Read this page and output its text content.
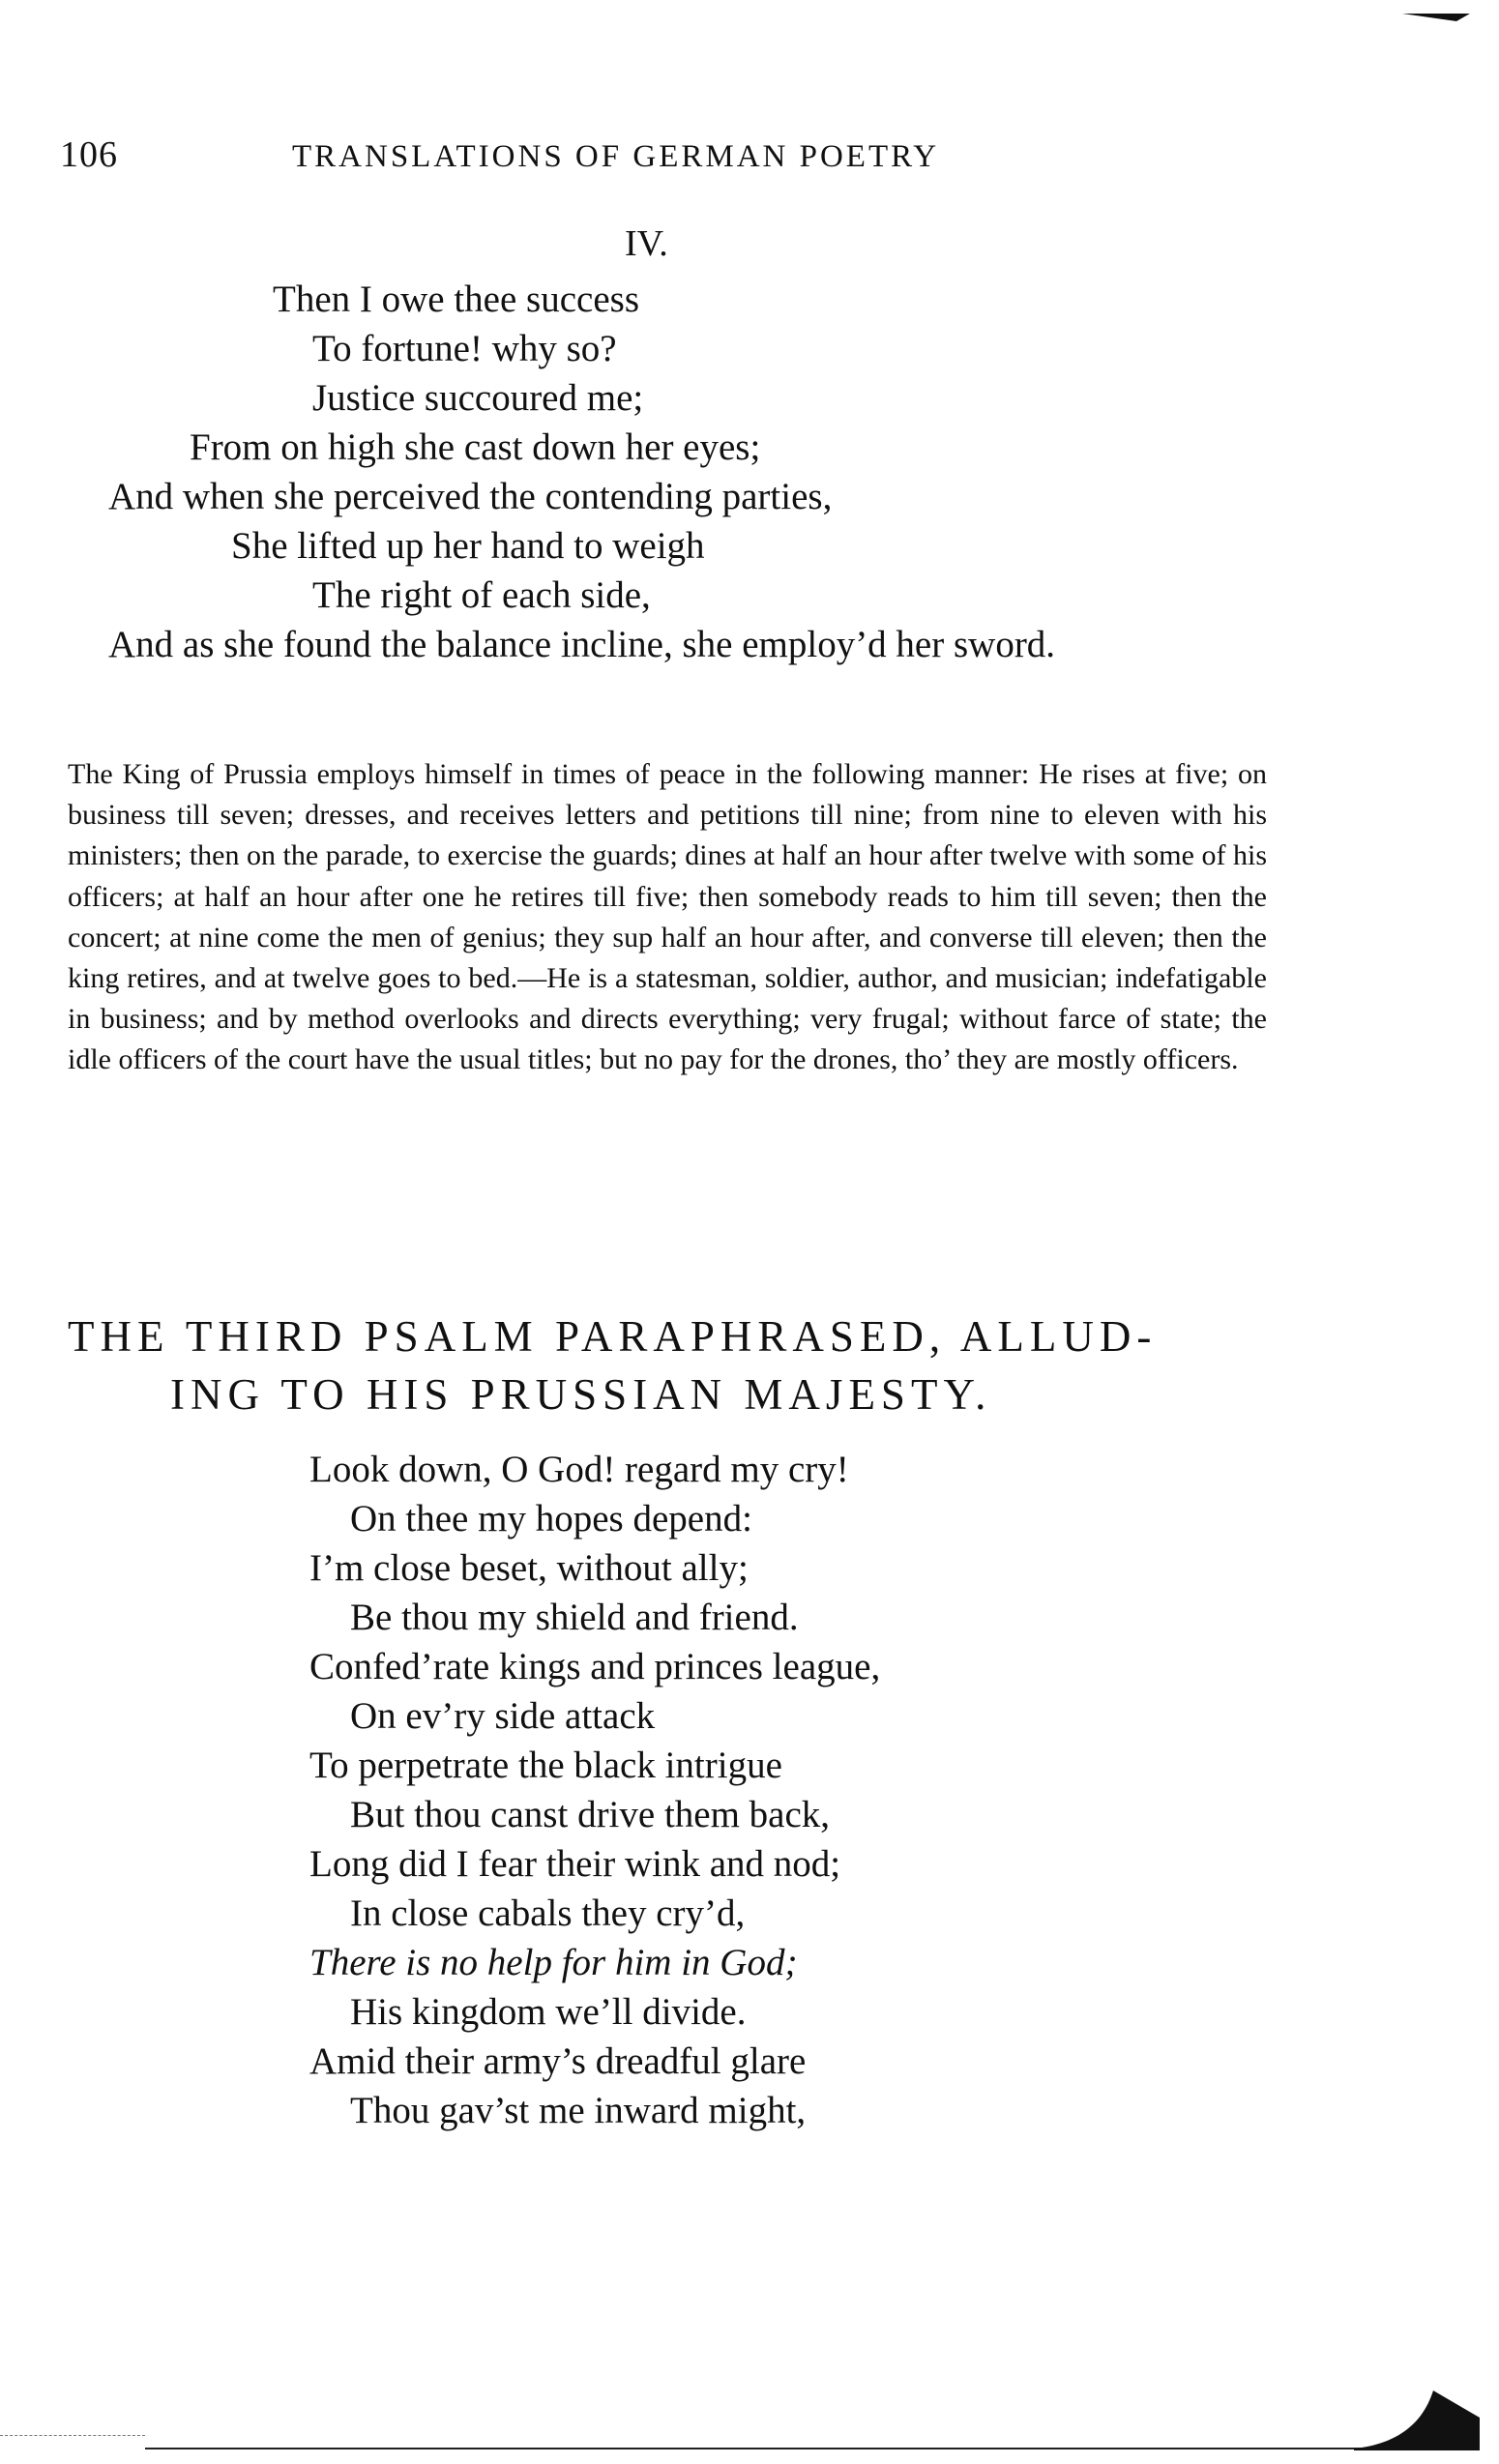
106	TRANSLATIONS OF GERMAN POETRY
IV.
Then I owe thee success
To fortune! why so?
Justice succoured me;
From on high she cast down her eyes;
And when she perceived the contending parties,
She lifted up her hand to weigh
The right of each side,
And as she found the balance incline, she employ’d her sword.

The King of Prussia employs himself in times of peace in the following manner: He rises at five; on business till seven; dresses, and receives letters and petitions till nine; from nine to eleven with his ministers; then on the parade, to exercise the guards; dines at half an hour after twelve with some of his officers; at half an hour after one he retires till five; then somebody reads to him till seven; then the concert; at nine come the men of genius; they sup half an hour after, and converse till eleven; then the king retires, and at twelve goes to bed.—He is a statesman, soldier, author, and musician; indefatigable in business; and by method overlooks and directs everything; very frugal; without farce of state; the idle officers of the court have the usual titles; but no pay for the drones, tho’ they are mostly officers.

THE THIRD PSALM PARAPHRASED, ALLUD-
ING TO HIS PRUSSIAN MAJESTY.
Look down, O God! regard my cry!
On thee my hopes depend:
I’m close beset, without ally;
Be thou my shield and friend.
Confed’rate kings and princes league,
On ev’ry side attack
To perpetrate the black intrigue
But thou canst drive them back,
Long did I fear their wink and nod;
In close cabals they cry’d,
There is no help for him in God;
His kingdom we’ll divide.
Amid their army’s dreadful glare
Thou gav’st me inward might,
